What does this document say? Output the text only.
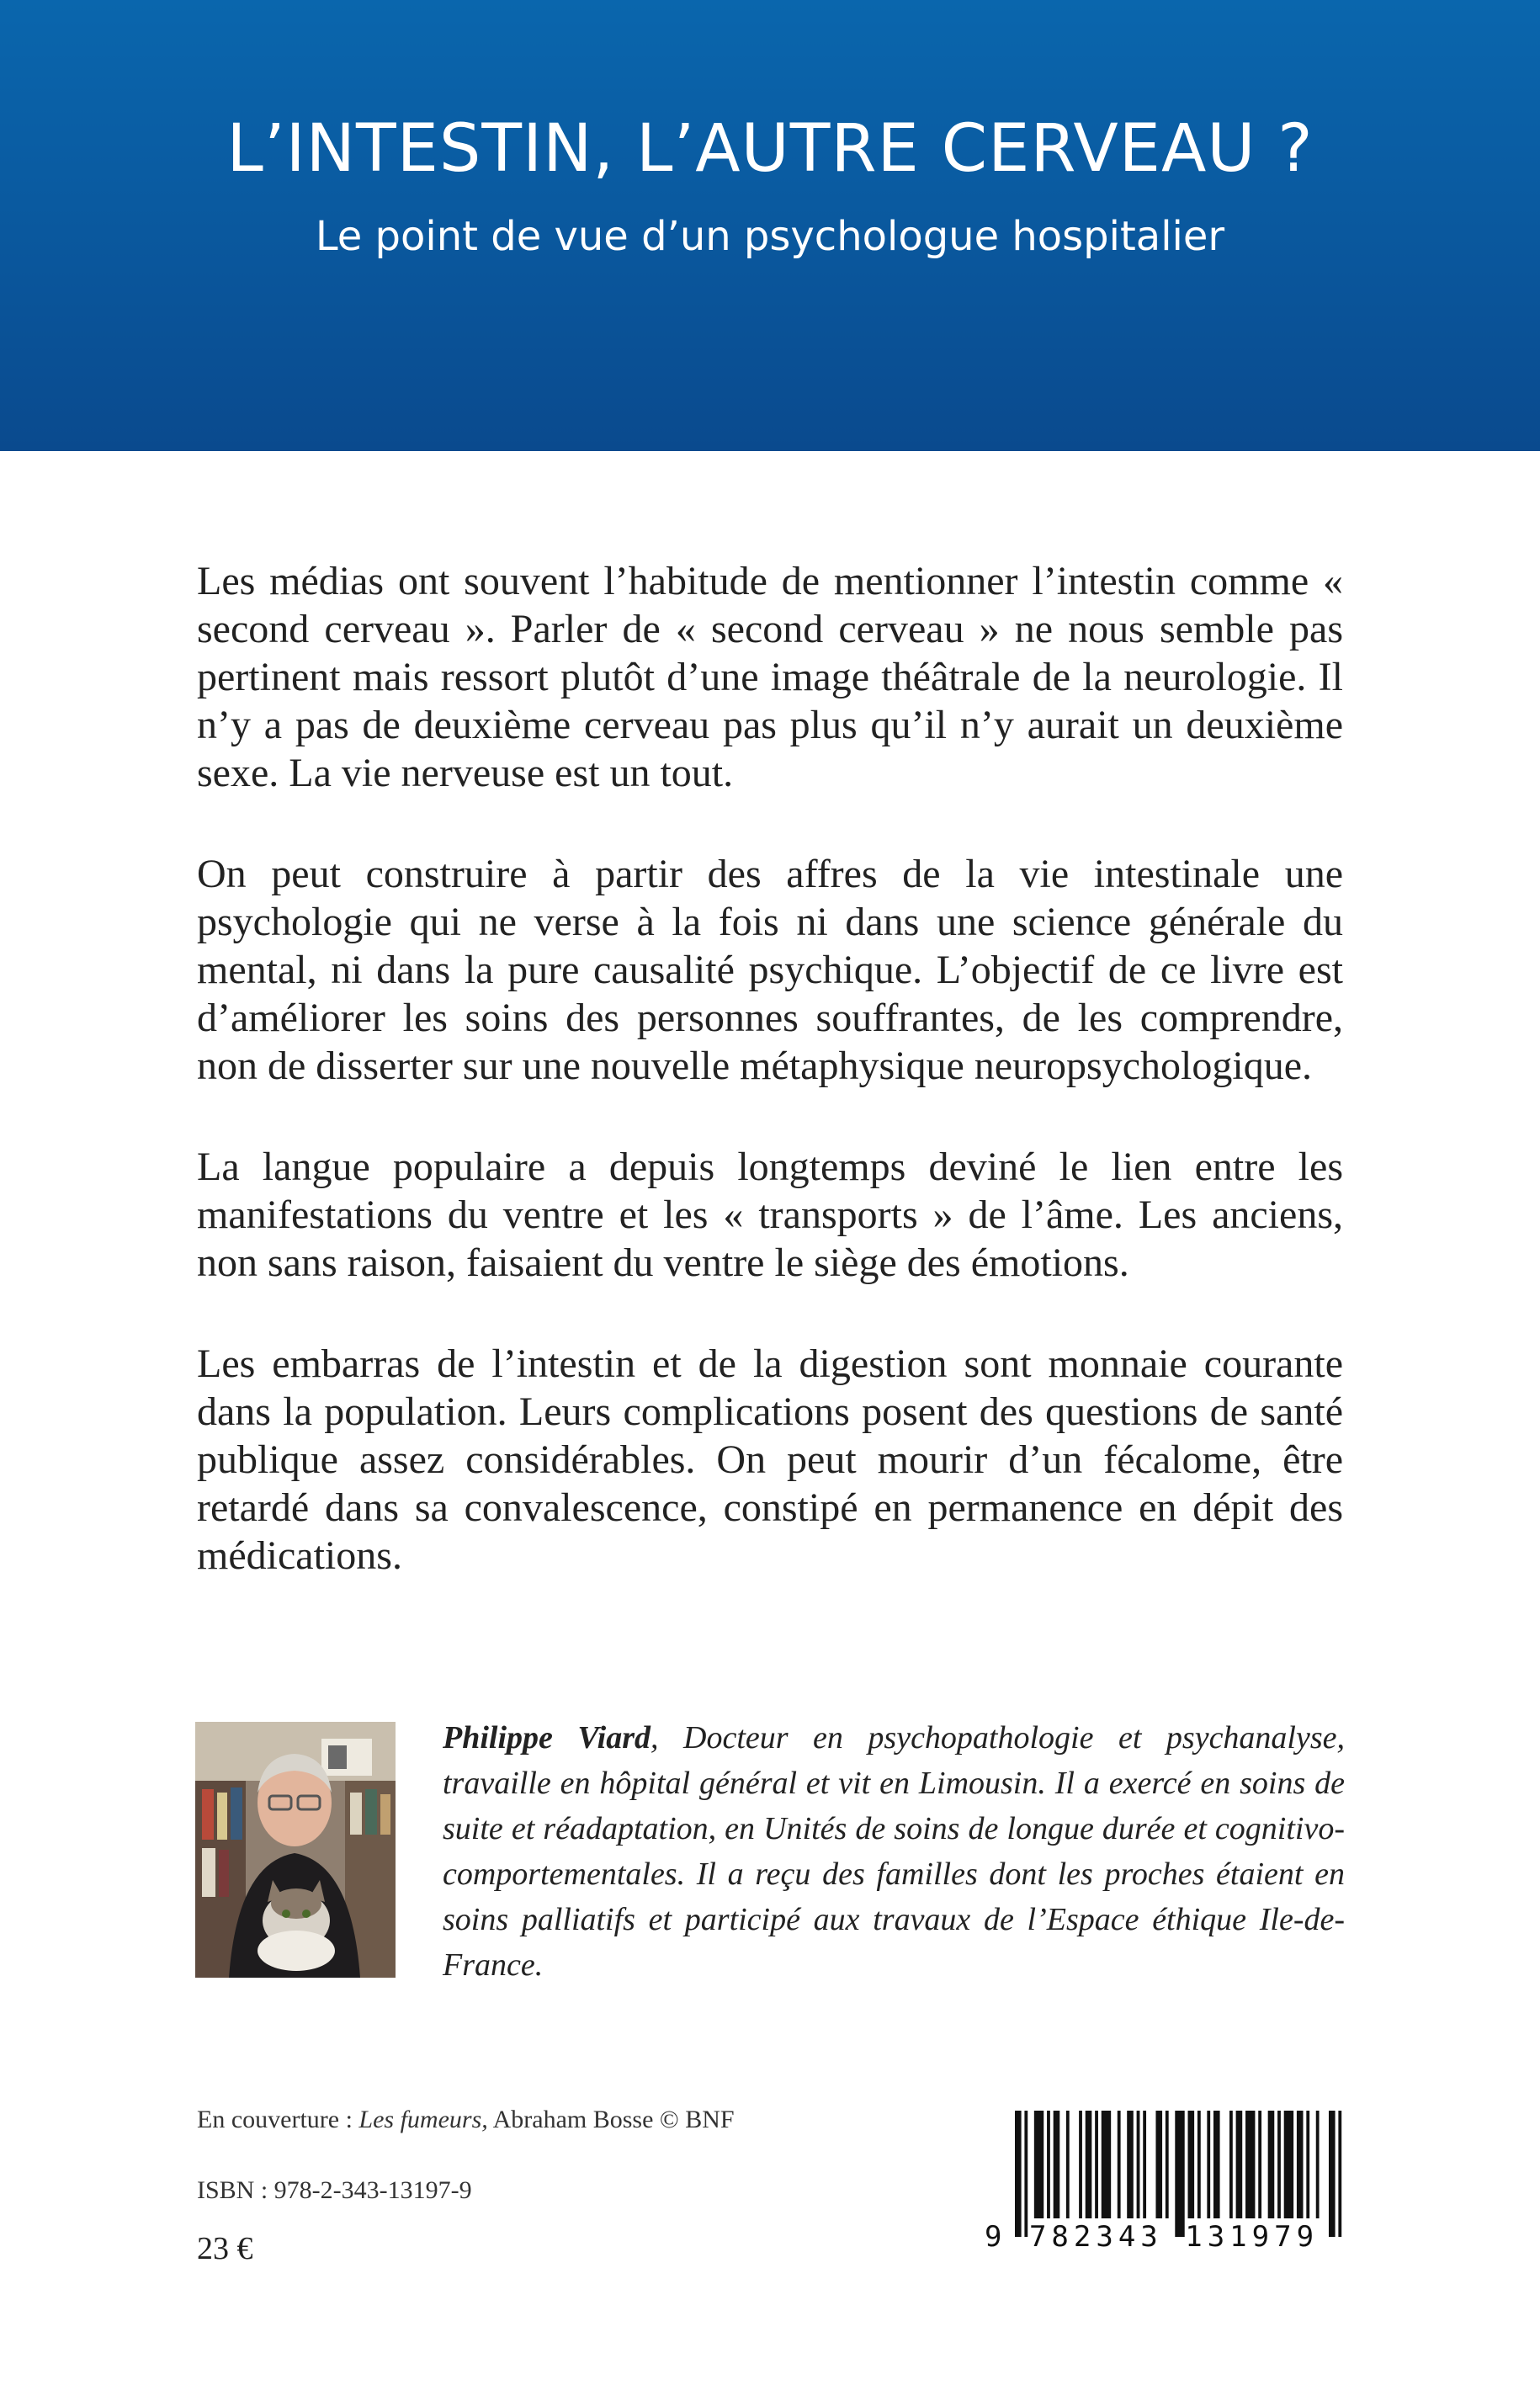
L’INTESTIN, L’AUTRE CERVEAU ?

Le point de vue d’un psychologue hospitalier

Les médias ont souvent l’habitude de mentionner l’intestin comme « second cerveau ». Parler de « second cerveau » ne nous semble pas pertinent mais ressort plutôt d’une image théâtrale de la neurologie. Il n’y a pas de deuxième cerveau pas plus qu’il n’y aurait un deuxième sexe. La vie nerveuse est un tout.

On peut construire à partir des affres de la vie intestinale une psychologie qui ne verse à la fois ni dans une science générale du mental, ni dans la pure causalité psychique. L’objectif de ce livre est d’améliorer les soins des personnes souffrantes, de les comprendre, non de disserter sur une nouvelle métaphysique neuropsychologique.

La langue populaire a depuis longtemps deviné le lien entre les manifestations du ventre et les « transports » de l’âme. Les anciens, non sans raison, faisaient du ventre le siège des émotions.

Les embarras de l’intestin et de la digestion sont monnaie courante dans la population. Leurs complications posent des questions de santé publique assez considérables. On peut mourir d’un fécalome, être retardé dans sa convalescence, constipé en permanence en dépit des médications.

Philippe Viard, Docteur en psychopathologie et psychanalyse, travaille en hôpital général et vit en Limousin. Il a exercé en soins de suite et réadaptation, en Unités de soins de longue durée et cognitivo-comportementales. Il a reçu des familles dont les proches étaient en soins palliatifs et participé aux travaux de l’Espace éthique Ile-de-France.

En couverture : Les fumeurs, Abraham Bosse © BNF

ISBN : 978-2-343-13197-9

23 €	9 782343 131979
